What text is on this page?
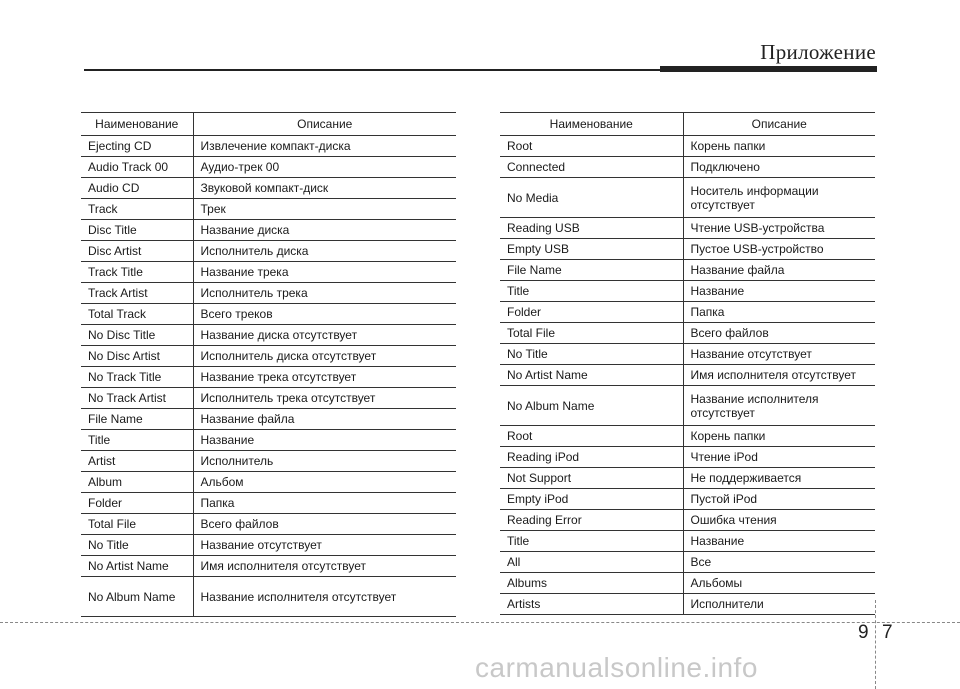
Приложение
Наименование	Описание
Ejecting CD	Извлечение компакт-диска
Audio Track 00	Аудио-трек 00
Audio CD	Звуковой компакт-диск
Track	Трек
Disc Title	Название диска
Disc Artist	Исполнитель диска
Track Title	Название трека
Track Artist	Исполнитель трека
Total Track	Всего треков
No Disc Title	Название диска отсутствует
No Disc Artist	Исполнитель диска отсутствует
No Track Title	Название трека отсутствует
No Track Artist	Исполнитель трека отсутствует
File Name	Название файла
Title	Название
Artist	Исполнитель
Album	Альбом
Folder	Папка
Total File	Всего файлов
No Title	Название отсутствует
No Artist Name	Имя исполнителя отсутствует
No Album Name	Название исполнителя отсутствует
Наименование	Описание
Root	Корень папки
Connected	Подключено
No Media	Носитель информации отсутствует
Reading USB	Чтение USB-устройства
Empty USB	Пустое USB-устройство
File Name	Название файла
Title	Название
Folder	Папка
Total File	Всего файлов
No Title	Название отсутствует
No Artist Name	Имя исполнителя отсутствует
No Album Name	Название исполнителя отсутствует
Root	Корень папки
Reading iPod	Чтение iPod
Not Support	Не поддерживается
Empty iPod	Пустой iPod
Reading Error	Ошибка чтения
Title	Название
All	Все
Albums	Альбомы
Artists	Исполнители
9 7
carmanualsonline.info
